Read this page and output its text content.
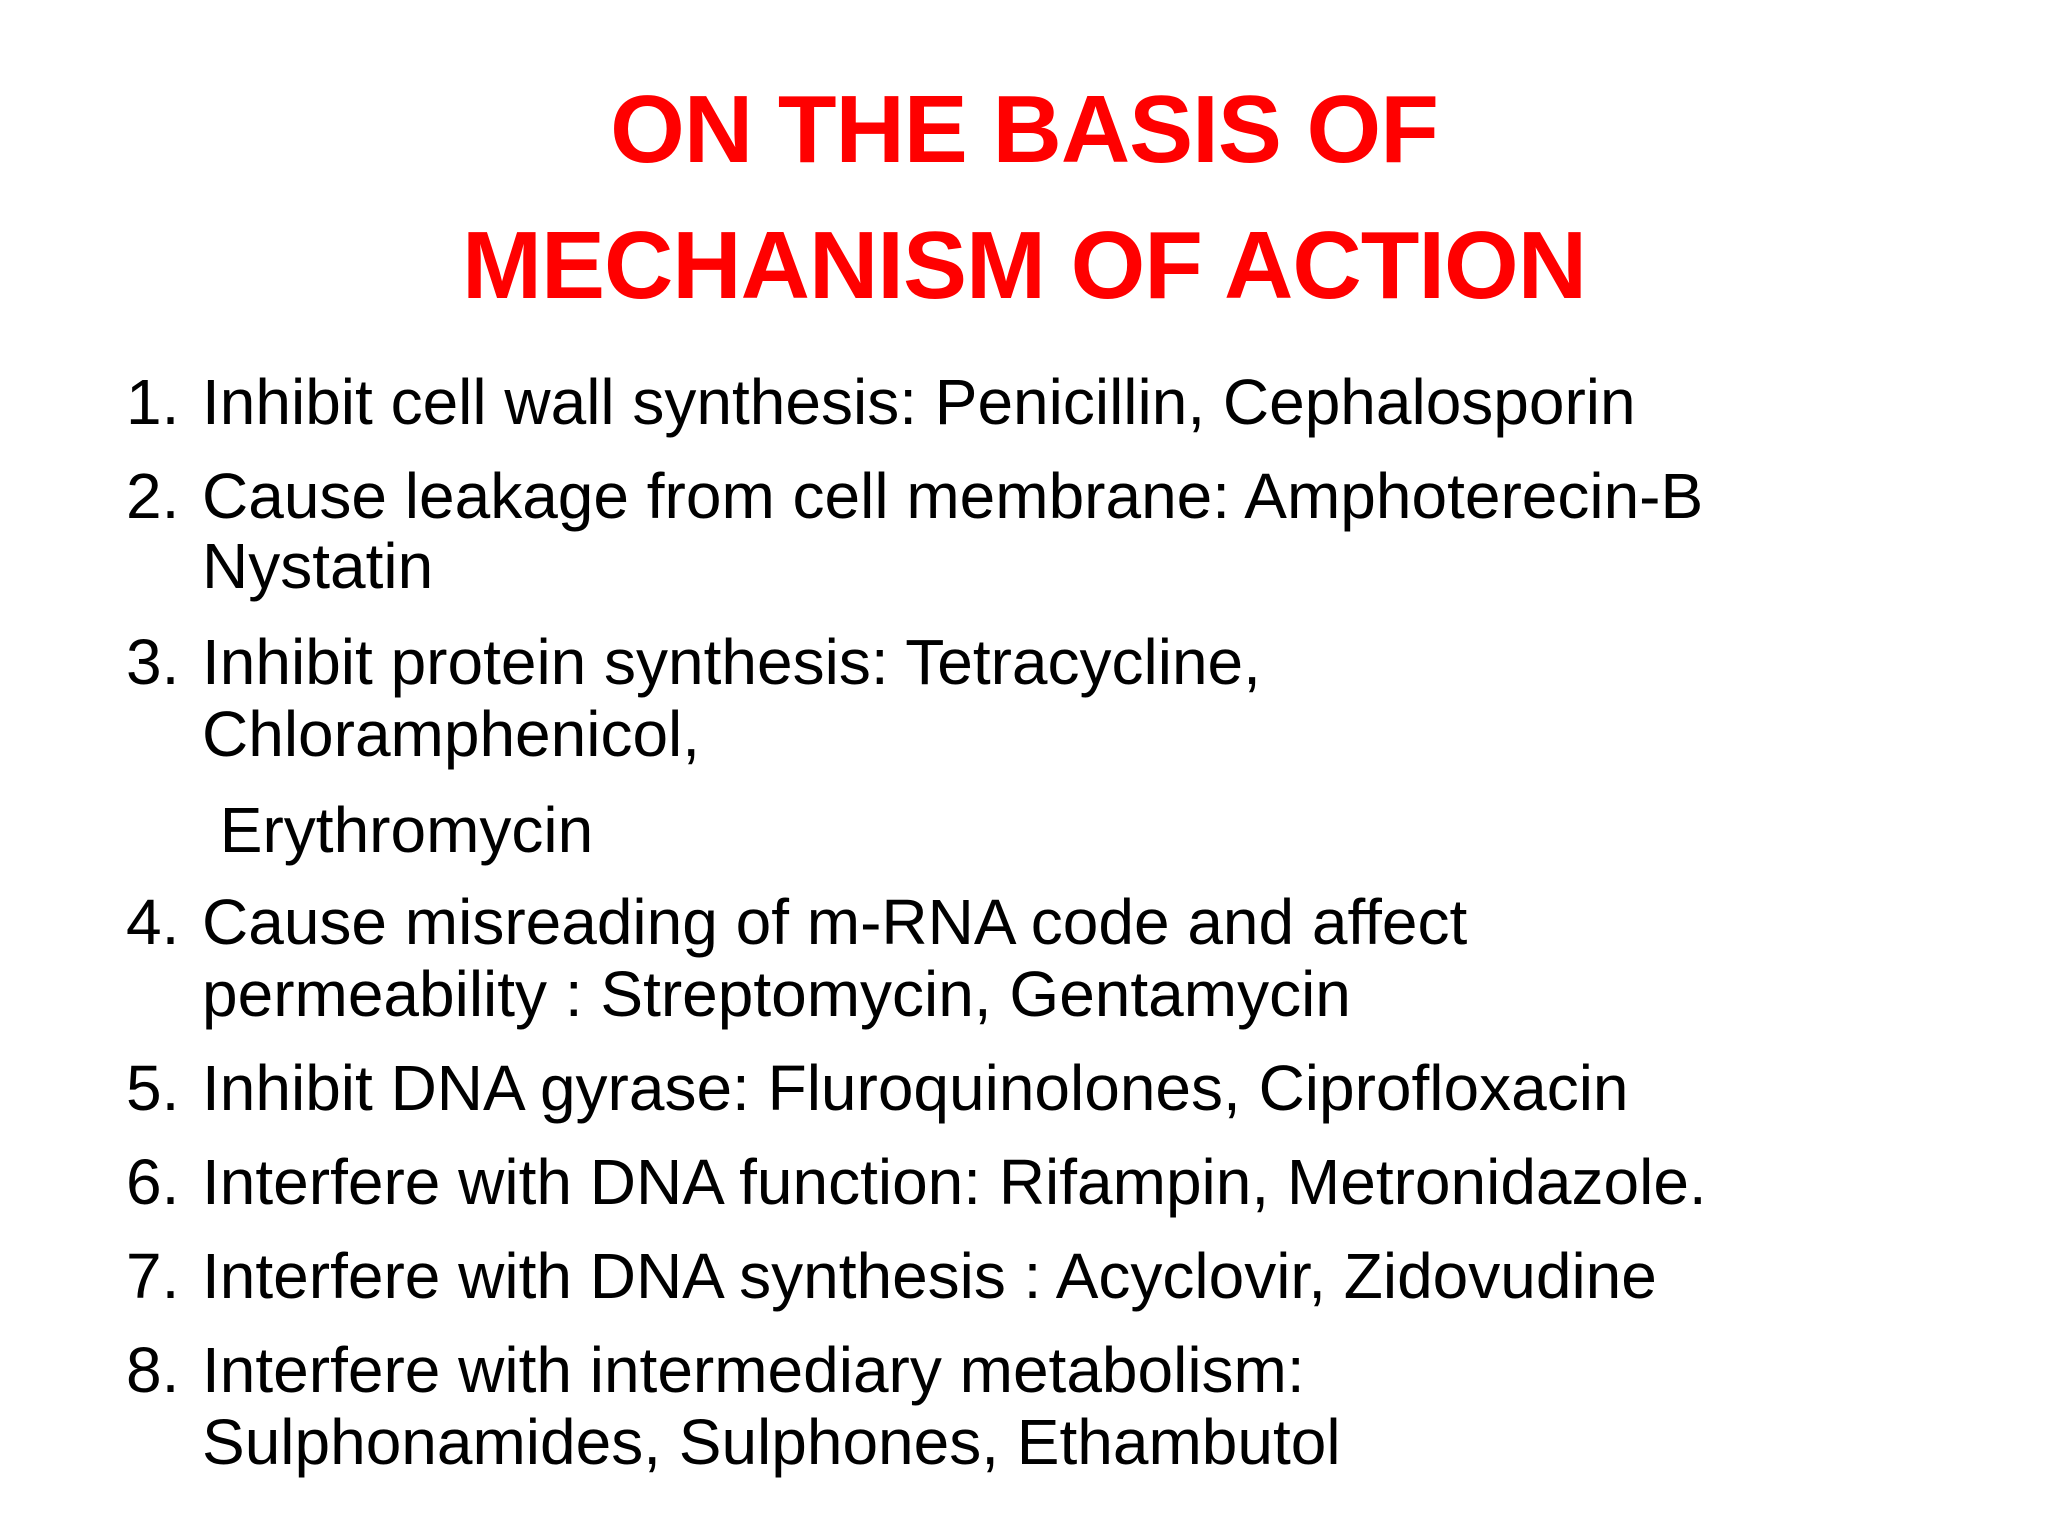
ON THE BASIS OF
MECHANISM OF ACTION
1. Inhibit cell wall synthesis: Penicillin, Cephalosporin
2. Cause leakage from cell membrane: Amphoterecin-B
Nystatin
3. Inhibit protein synthesis: Tetracycline,
Chloramphenicol,
Erythromycin
4. Cause misreading of m-RNA code and affect
permeability : Streptomycin, Gentamycin
5. Inhibit DNA gyrase: Fluroquinolones, Ciprofloxacin
6. Interfere with DNA function: Rifampin, Metronidazole.
7. Interfere with DNA synthesis : Acyclovir, Zidovudine
8. Interfere with intermediary metabolism:
Sulphonamides, Sulphones, Ethambutol
